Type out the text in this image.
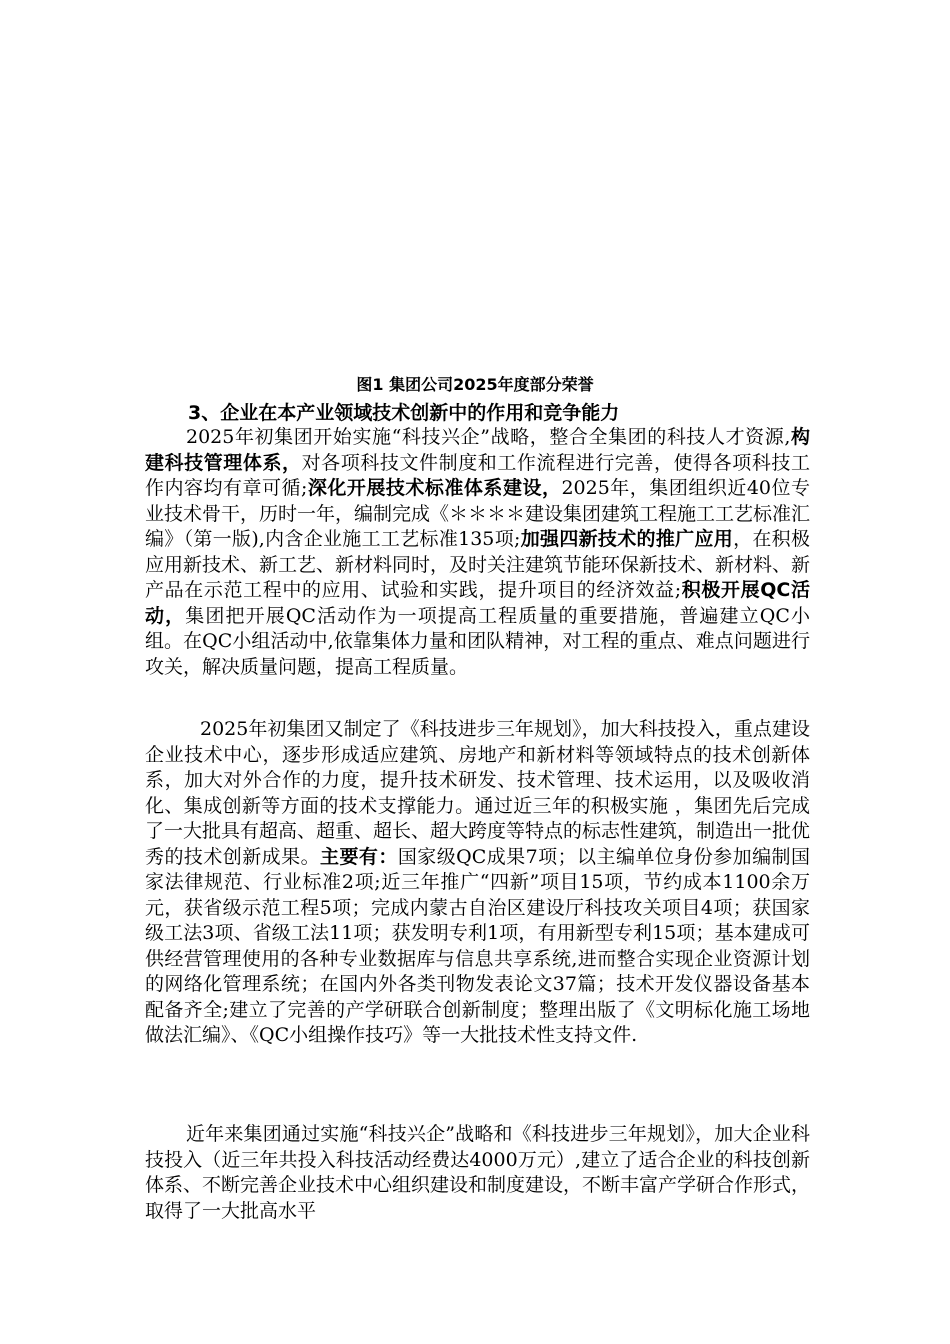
图1 集团公司2025年度部分荣誉
3、企业在本产业领域技术创新中的作用和竞争能力
2025年初集团开始实施“科技兴企”战略，整合全集团的科技人才资源,构建科技管理体系，对各项科技文件制度和工作流程进行完善，使得各项科技工作内容均有章可循;深化开展技术标准体系建设，2025年，集团组织近40位专业技术骨干，历时一年，编制完成《＊＊＊＊建设集团建筑工程施工工艺标准汇编》（第一版),内含企业施工工艺标准135项;加强四新技术的推广应用，在积极应用新技术、新工艺、新材料同时，及时关注建筑节能环保新技术、新材料、新产品在示范工程中的应用、试验和实践，提升项目的经济效益;积极开展QC活动，集团把开展QC活动作为一项提高工程质量的重要措施，普遍建立QC小组。在QC小组活动中,依靠集体力量和团队精神，对工程的重点、难点问题进行攻关，解决质量问题，提高工程质量。
2025年初集团又制定了《科技进步三年规划》，加大科技投入，重点建设企业技术中心，逐步形成适应建筑、房地产和新材料等领域特点的技术创新体系，加大对外合作的力度，提升技术研发、技术管理、技术运用，以及吸收消化、集成创新等方面的技术支撑能力。通过近三年的积极实施 ，集团先后完成了一大批具有超高、超重、超长、超大跨度等特点的标志性建筑，制造出一批优秀的技术创新成果。主要有：国家级QC成果7项；以主编单位身份参加编制国家法律规范、行业标准2项;近三年推广“四新”项目15项，节约成本1100余万元，获省级示范工程5项；完成内蒙古自治区建设厅科技攻关项目4项；获国家级工法3项、省级工法11项；获发明专利1项，有用新型专利15项；基本建成可供经营管理使用的各种专业数据库与信息共享系统,进而整合实现企业资源计划的网络化管理系统；在国内外各类刊物发表论文37篇；技术开发仪器设备基本配备齐全;建立了完善的产学研联合创新制度；整理出版了《文明标化施工场地做法汇编》、《QC小组操作技巧》等一大批技术性支持文件.
近年来集团通过实施“科技兴企”战略和《科技进步三年规划》，加大企业科技投入（近三年共投入科技活动经费达4000万元）,建立了适合企业的科技创新体系、不断完善企业技术中心组织建设和制度建设，不断丰富产学研合作形式，取得了一大批高水平
